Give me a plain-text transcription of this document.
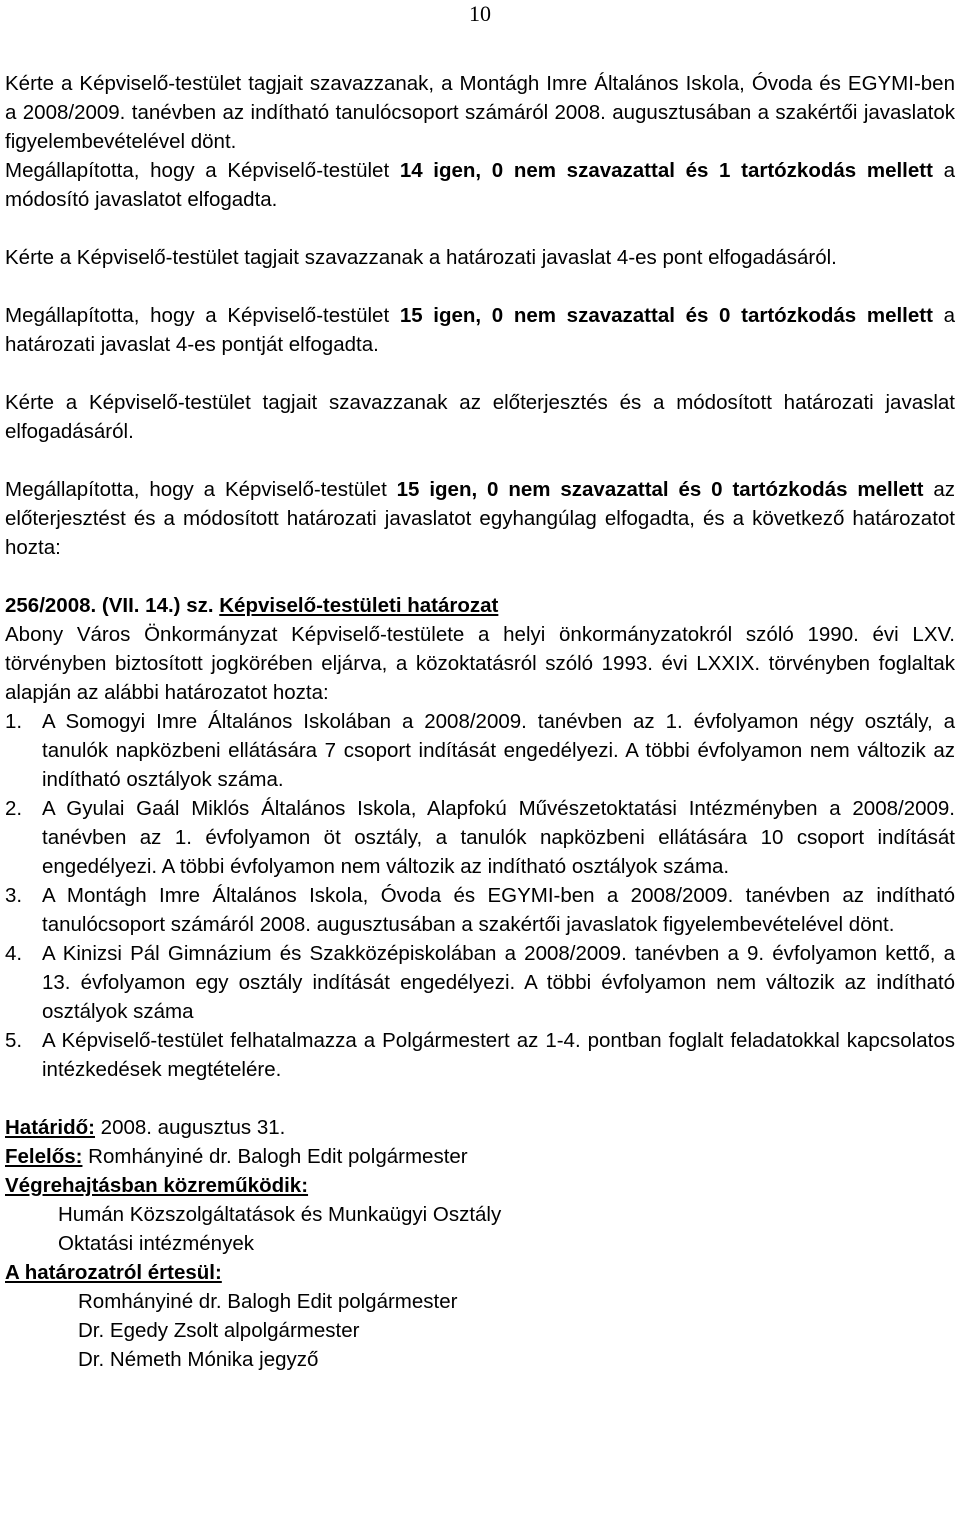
10

Kérte a Képviselő-testület tagjait szavazzanak, a Montágh Imre Általános Iskola, Óvoda és EGYMI-ben a 2008/2009. tanévben az indítható tanulócsoport számáról 2008. augusztusában a szakértői javaslatok figyelembevételével dönt.

Megállapította, hogy a Képviselő-testület 14 igen, 0 nem szavazattal és 1 tartózkodás mellett a módosító javaslatot elfogadta.

Kérte a Képviselő-testület tagjait szavazzanak a határozati javaslat 4-es pont elfogadásáról.

Megállapította, hogy a Képviselő-testület 15 igen, 0 nem szavazattal és 0 tartózkodás mellett a határozati javaslat 4-es pontját elfogadta.

Kérte a Képviselő-testület tagjait szavazzanak az előterjesztés és a módosított határozati javaslat elfogadásáról.

Megállapította, hogy a Képviselő-testület 15 igen, 0 nem szavazattal és 0 tartózkodás mellett az előterjesztést és a módosított határozati javaslatot egyhangúlag elfogadta, és a következő határozatot hozta:

256/2008. (VII. 14.) sz. Képviselő-testületi határozat

Abony Város Önkormányzat Képviselő-testülete a helyi önkormányzatokról szóló 1990. évi LXV. törvényben biztosított jogkörében eljárva, a közoktatásról szóló 1993. évi LXXIX. törvényben foglaltak alapján az alábbi határozatot hozta:

1. A Somogyi Imre Általános Iskolában a 2008/2009. tanévben az 1. évfolyamon négy osztály, a tanulók napközbeni ellátására 7 csoport indítását engedélyezi. A többi évfolyamon nem változik az indítható osztályok száma.
2. A Gyulai Gaál Miklós Általános Iskola, Alapfokú Művészetoktatási Intézményben a 2008/2009. tanévben az 1. évfolyamon öt osztály, a tanulók napközbeni ellátására 10 csoport indítását engedélyezi. A többi évfolyamon nem változik az indítható osztályok száma.
3. A Montágh Imre Általános Iskola, Óvoda és EGYMI-ben a 2008/2009. tanévben az indítható tanulócsoport számáról 2008. augusztusában a szakértői javaslatok figyelembevételével dönt.
4. A Kinizsi Pál Gimnázium és Szakközépiskolában a 2008/2009. tanévben a 9. évfolyamon kettő, a 13. évfolyamon egy osztály indítását engedélyezi. A többi évfolyamon nem változik az indítható osztályok száma
5. A Képviselő-testület felhatalmazza a Polgármestert az 1-4. pontban foglalt feladatokkal kapcsolatos intézkedések megtételére.

Határidő: 2008. augusztus 31.

Felelős: Romhányiné dr. Balogh Edit polgármester

Végrehajtásban közreműködik:

Humán Közszolgáltatások és Munkaügyi Osztály

Oktatási intézmények

A határozatról értesül:

Romhányiné dr. Balogh Edit polgármester

Dr. Egedy Zsolt alpolgármester

Dr. Németh Mónika jegyző
